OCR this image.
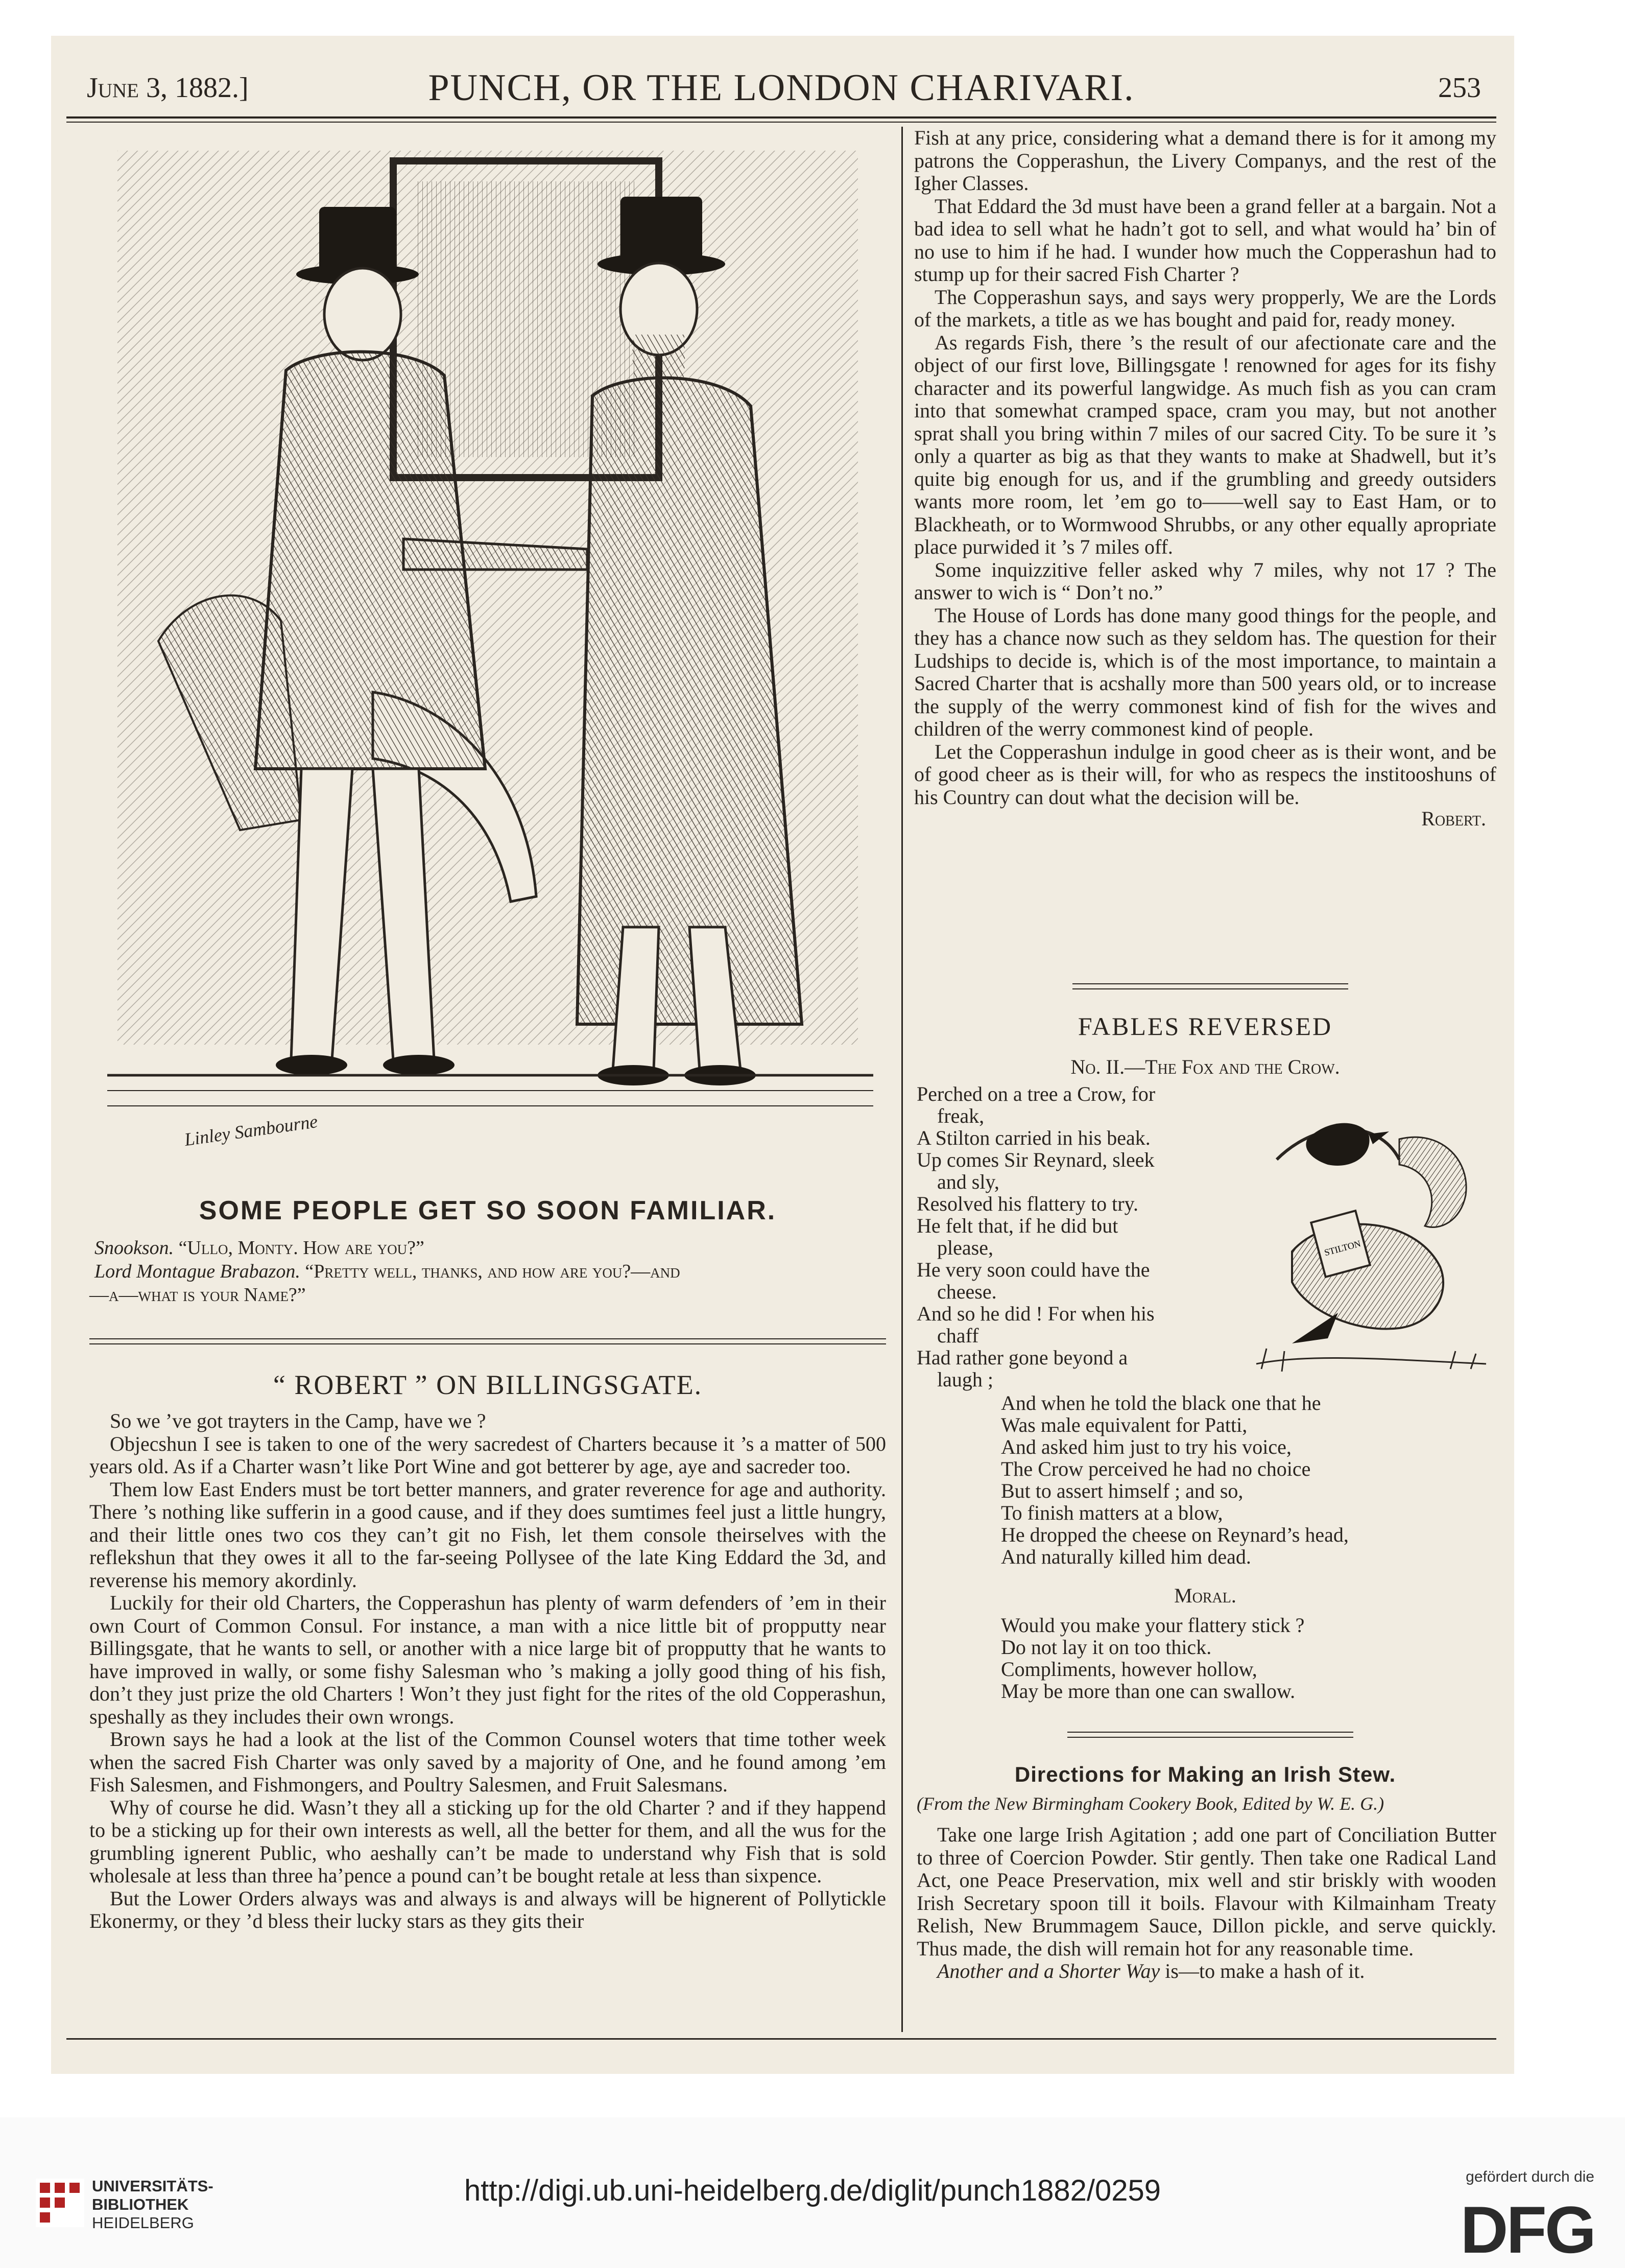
June 3, 1882.]	PUNCH, OR THE LONDON CHARIVARI.	253
Linley Sambourne
SOME PEOPLE GET SO SOON FAMILIAR.
Snookson. “Ullo, Monty. How are you?”
Lord Montague Brabazon. “Pretty well, thanks, and how are you?—and
—a—what is your Name?”
“ ROBERT ” ON BILLINGSGATE.

So we ’ve got trayters in the Camp, have we ?

Objecshun I see is taken to one of the wery sacredest of Charters because it ’s a matter of 500 years old. As if a Charter wasn’t like Port Wine and got betterer by age, aye and sacreder too.

Them low East Enders must be tort better manners, and grater reverence for age and authority. There ’s nothing like sufferin in a good cause, and if they does sumtimes feel just a little hungry, and their little ones two cos they can’t git no Fish, let them console theirselves with the reflekshun that they owes it all to the far-seeing Pollysee of the late King Eddard the 3d, and reverense his memory akordinly.

Luckily for their old Charters, the Copperashun has plenty of warm defenders of ’em in their own Court of Common Consul. For instance, a man with a nice little bit of propputty near Billingsgate, that he wants to sell, or another with a nice large bit of propputty that he wants to have improved in wally, or some fishy Salesman who ’s making a jolly good thing of his fish, don’t they just prize the old Charters ! Won’t they just fight for the rites of the old Copperashun, speshally as they includes their own wrongs.

Brown says he had a look at the list of the Common Counsel woters that time tother week when the sacred Fish Charter was only saved by a majority of One, and he found among ’em Fish Salesmen, and Fishmongers, and Poultry Salesmen, and Fruit Salesmans.

Why of course he did. Wasn’t they all a sticking up for the old Charter ? and if they happend to be a sticking up for their own interests as well, all the better for them, and all the wus for the grumbling ignerent Public, who aeshally can’t be made to understand why Fish that is sold wholesale at less than three ha’pence a pound can’t be bought retale at less than sixpence.

But the Lower Orders always was and always is and always will be hignerent of Pollytickle Ekonermy, or they ’d bless their lucky stars as they gits their

Fish at any price, considering what a demand there is for it among my patrons the Copperashun, the Livery Companys, and the rest of the Igher Classes.

That Eddard the 3d must have been a grand feller at a bargain. Not a bad idea to sell what he hadn’t got to sell, and what would ha’ bin of no use to him if he had. I wunder how much the Copperashun had to stump up for their sacred Fish Charter ?

The Copperashun says, and says wery propperly, We are the Lords of the markets, a title as we has bought and paid for, ready money.

As regards Fish, there ’s the result of our afectionate care and the object of our first love, Billingsgate ! renowned for ages for its fishy character and its powerful langwidge. As much fish as you can cram into that somewhat cramped space, cram you may, but not another sprat shall you bring within 7 miles of our sacred City. To be sure it ’s only a quarter as big as that they wants to make at Shadwell, but it’s quite big enough for us, and if the grumbling and greedy outsiders wants more room, let ’em go to——well say to East Ham, or to Blackheath, or to Wormwood Shrubbs, or any other equally apropriate place purwided it ’s 7 miles off.

Some inquizzitive feller asked why 7 miles, why not 17 ? The answer to wich is “ Don’t no.”

The House of Lords has done many good things for the people, and they has a chance now such as they seldom has. The question for their Ludships to decide is, which is of the most importance, to maintain a Sacred Charter that is acshally more than 500 years old, or to increase the supply of the werry commonest kind of fish for the wives and children of the werry commonest kind of people.

Let the Copperashun indulge in good cheer as is their wont, and be of good cheer as is their will, for who as respecs the institooshuns of his Country can dout what the decision will be.

Robert.
FABLES REVERSED
No. II.—The Fox and the Crow.
Perched on a tree a Crow, for
freak,
A Stilton carried in his beak.
Up comes Sir Reynard, sleek
and sly,
Resolved his flattery to try.
He felt that, if he did but
please,
He very soon could have the
cheese.
And so he did ! For when his
chaff
Had rather gone beyond a
laugh ;
STILTON
And when he told the black one that he
Was male equivalent for Patti,
And asked him just to try his voice,
The Crow perceived he had no choice
But to assert himself ; and so,
To finish matters at a blow,
He dropped the cheese on Reynard’s head,
And naturally killed him dead.
Moral.
Would you make your flattery stick ?
Do not lay it on too thick.
Compliments, however hollow,
May be more than one can swallow.
Directions for Making an Irish Stew.
(From the New Birmingham Cookery Book, Edited by W. E. G.)

Take one large Irish Agitation ; add one part of Conciliation Butter to three of Coercion Powder. Stir gently. Then take one Radical Land Act, one Peace Preservation, mix well and stir briskly with wooden Irish Secretary spoon till it boils. Flavour with Kilmainham Treaty Relish, New Brummagem Sauce, Dillon pickle, and serve quickly. Thus made, the dish will remain hot for any reasonable time.

Another and a Shorter Way is—to make a hash of it.

UNIVERSITÄTS-
BIBLIOTHEK
HEIDELBERG
http://digi.ub.uni-heidelberg.de/diglit/punch1882/0259	gefördert durch die
DFG
